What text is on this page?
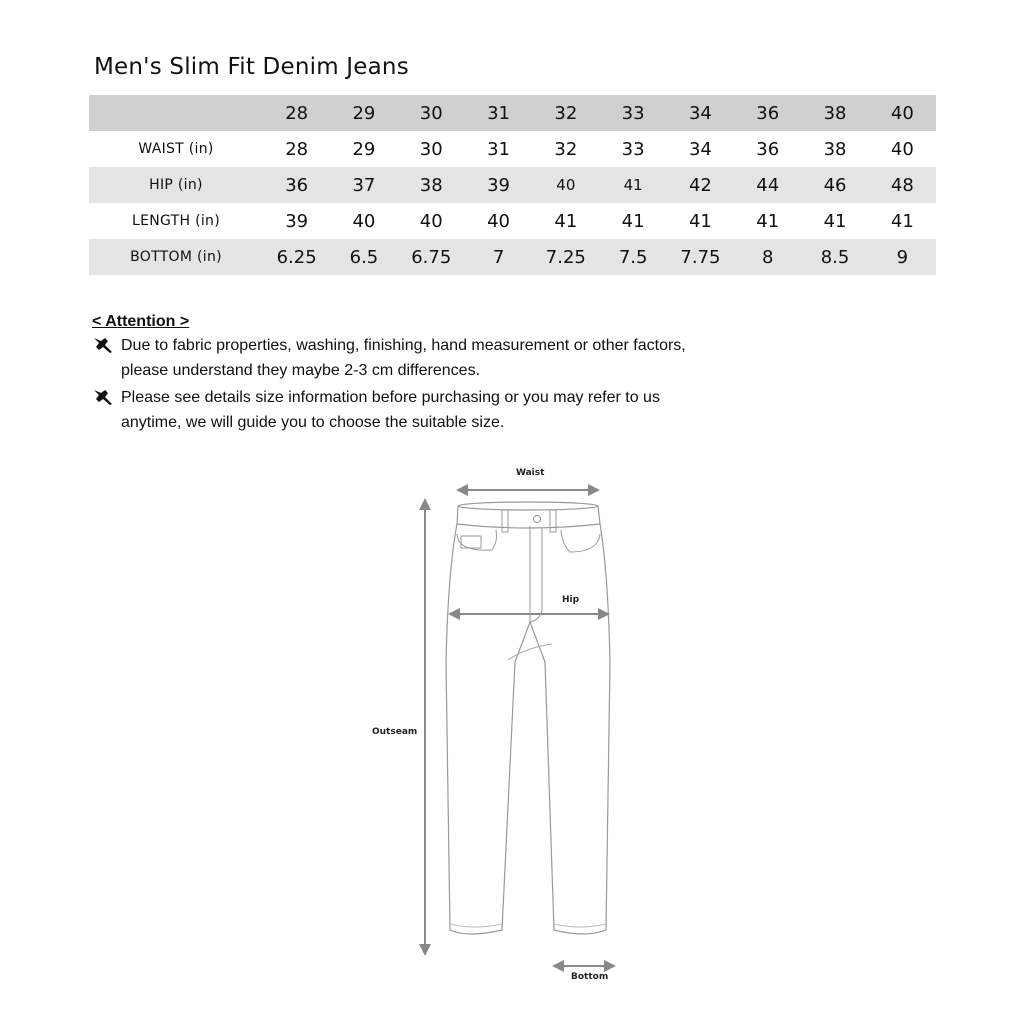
Men's Slim Fit Denim Jeans
	28	29	30	31	32	33	34	36	38	40
WAIST (in)	28	29	30	31	32	33	34	36	38	40
HIP (in)	36	37	38	39	40	41	42	44	46	48
LENGTH (in)	39	40	40	40	41	41	41	41	41	41
BOTTOM (in)	6.25	6.5	6.75	7	7.25	7.5	7.75	8	8.5	9
< Attention >
Due to fabric properties, washing, finishing, hand measurement or other factors,
please understand they maybe 2-3 cm differences.
Please see details size information before purchasing or you may refer to us
anytime, we will guide you to choose the suitable size.
Waist
Hip
Outseam
Bottom
